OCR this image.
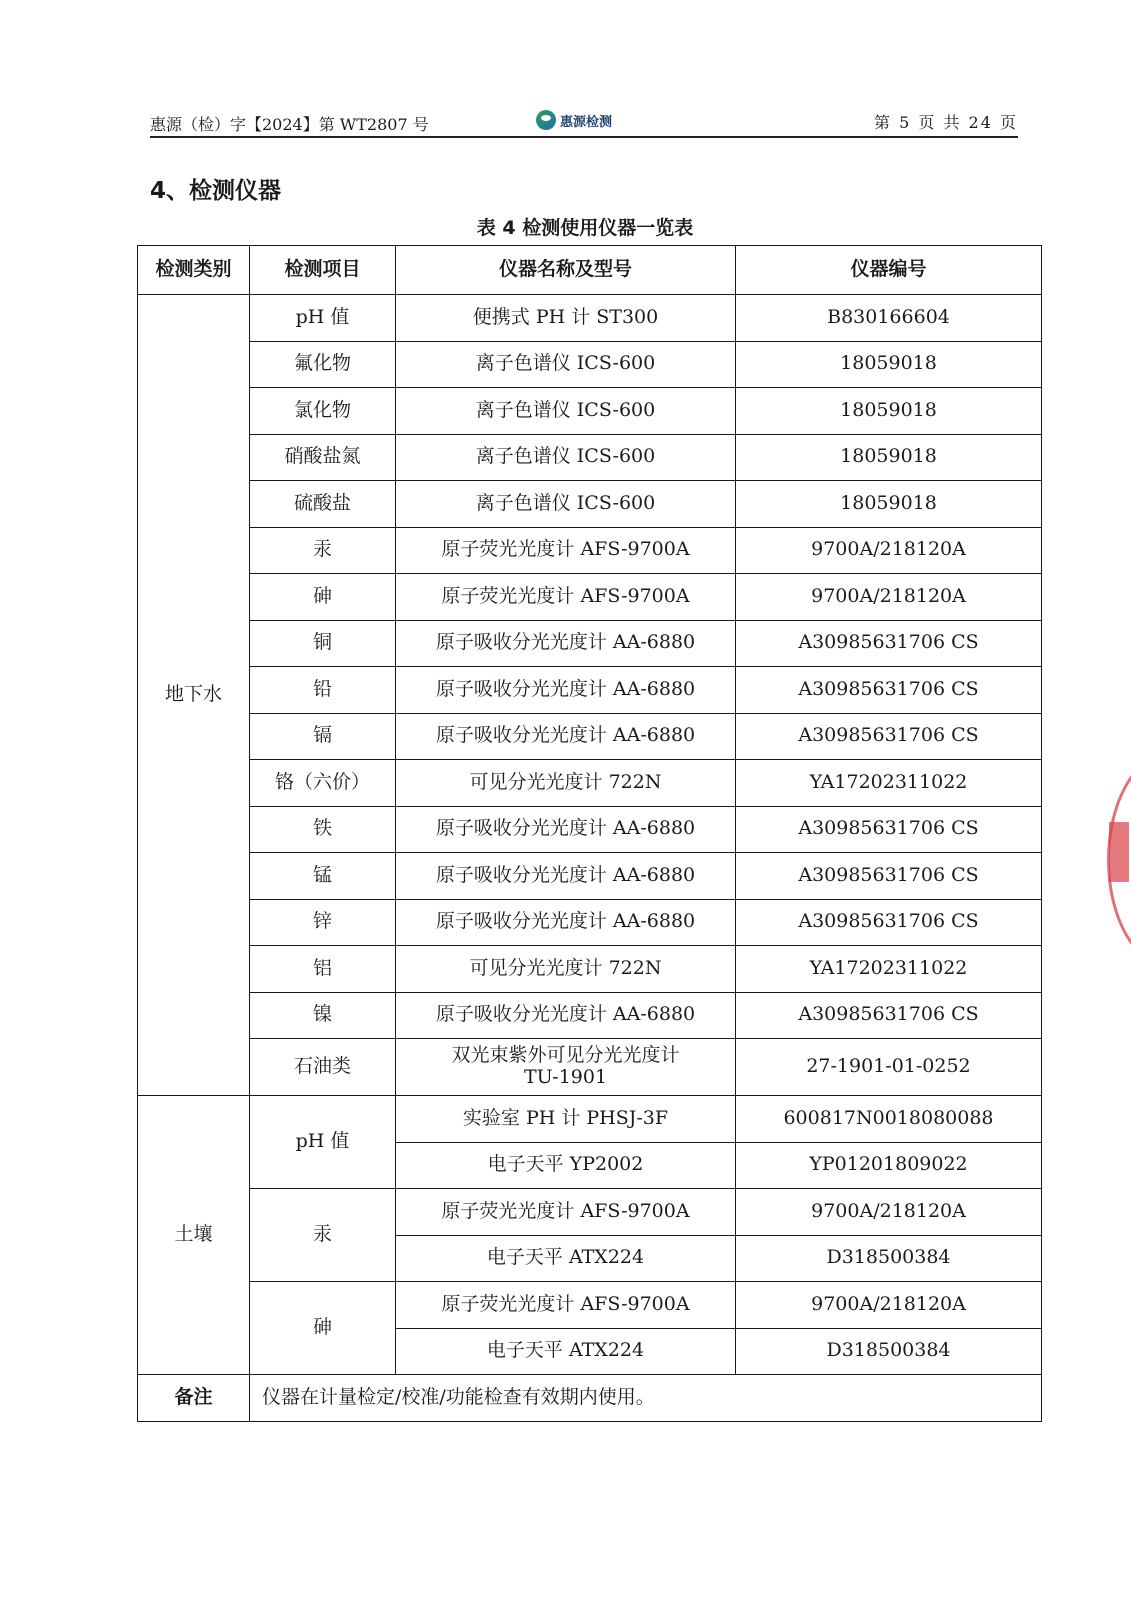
惠源（检）字【2024】第 WT2807 号	惠源检测	第 5 页 共 24 页
4、检测仪器
表 4 检测使用仪器一览表
检测类别	检测项目	仪器名称及型号	仪器编号
地下水	pH 值	便携式 PH 计 ST300	B830166604
	氟化物	离子色谱仪 ICS-600	18059018
	氯化物	离子色谱仪 ICS-600	18059018
	硝酸盐氮	离子色谱仪 ICS-600	18059018
	硫酸盐	离子色谱仪 ICS-600	18059018
	汞	原子荧光光度计 AFS-9700A	9700A/218120A
	砷	原子荧光光度计 AFS-9700A	9700A/218120A
	铜	原子吸收分光光度计 AA-6880	A30985631706 CS
	铅	原子吸收分光光度计 AA-6880	A30985631706 CS
	镉	原子吸收分光光度计 AA-6880	A30985631706 CS
	铬（六价）	可见分光光度计 722N	YA17202311022
	铁	原子吸收分光光度计 AA-6880	A30985631706 CS
	锰	原子吸收分光光度计 AA-6880	A30985631706 CS
	锌	原子吸收分光光度计 AA-6880	A30985631706 CS
	铝	可见分光光度计 722N	YA17202311022
	镍	原子吸收分光光度计 AA-6880	A30985631706 CS
	石油类	双光束紫外可见分光光度计
TU-1901	27-1901-01-0252
土壤	pH 值	实验室 PH 计 PHSJ-3F	600817N0018080088
		电子天平 YP2002	YP01201809022
	汞	原子荧光光度计 AFS-9700A	9700A/218120A
		电子天平 ATX224	D318500384
	砷	原子荧光光度计 AFS-9700A	9700A/218120A
		电子天平 ATX224	D318500384
备注	仪器在计量检定/校准/功能检查有效期内使用。		
